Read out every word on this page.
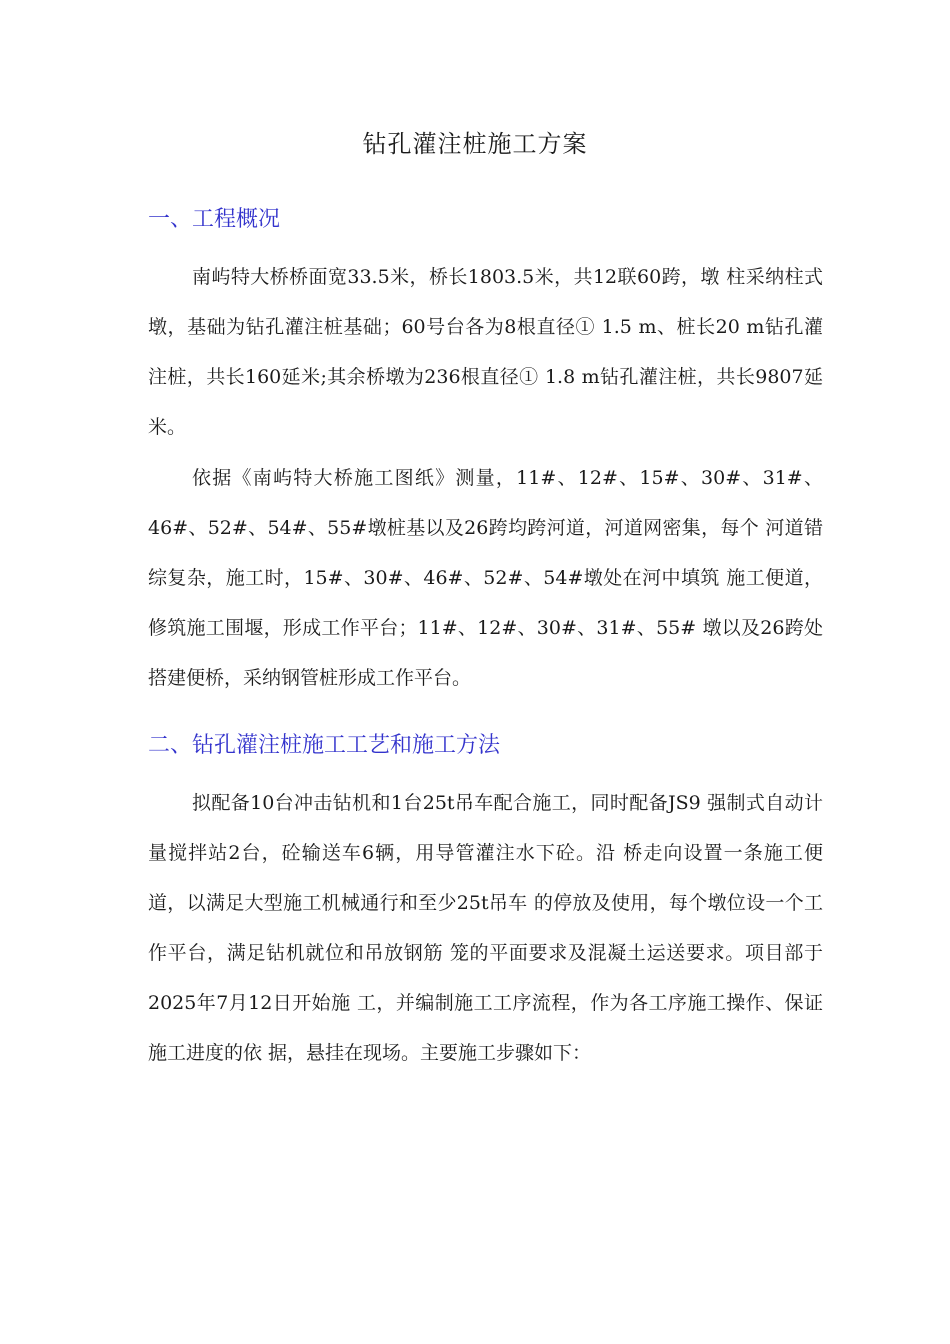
钻孔灌注桩施工方案
一、工程概况

南屿特大桥桥面宽33.5米，桥长1803.5米，共12联60跨，墩 柱采纳柱式墩，基础为钻孔灌注桩基础；60号台各为8根直径① 1.5 m、桩长20 m钻孔灌注桩，共长160延米;其余桥墩为236根直径① 1.8 m钻孔灌注桩，共长9807延米。

依据《南屿特大桥施工图纸》测量，11#、12#、15#、30#、31#、46#、52#、54#、55#墩桩基以及26跨均跨河道，河道网密集，每个 河道错综复杂，施工时，15#、30#、46#、52#、54#墩处在河中填筑 施工便道，修筑施工围堰，形成工作平台；11#、12#、30#、31#、55# 墩以及26跨处搭建便桥，采纳钢管桩形成工作平台。

二、钻孔灌注桩施工工艺和施工方法

拟配备10台冲击钻机和1台25t吊车配合施工，同时配备JS9 强制式自动计量搅拌站2台，砼输送车6辆，用导管灌注水下砼。沿 桥走向设置一条施工便道，以满足大型施工机械通行和至少25t吊车 的停放及使用，每个墩位设一个工作平台，满足钻机就位和吊放钢筋 笼的平面要求及混凝土运送要求。项目部于2025年7月12日开始施 工，并编制施工工序流程，作为各工序施工操作、保证施工进度的依 据，悬挂在现场。主要施工步骤如下：
